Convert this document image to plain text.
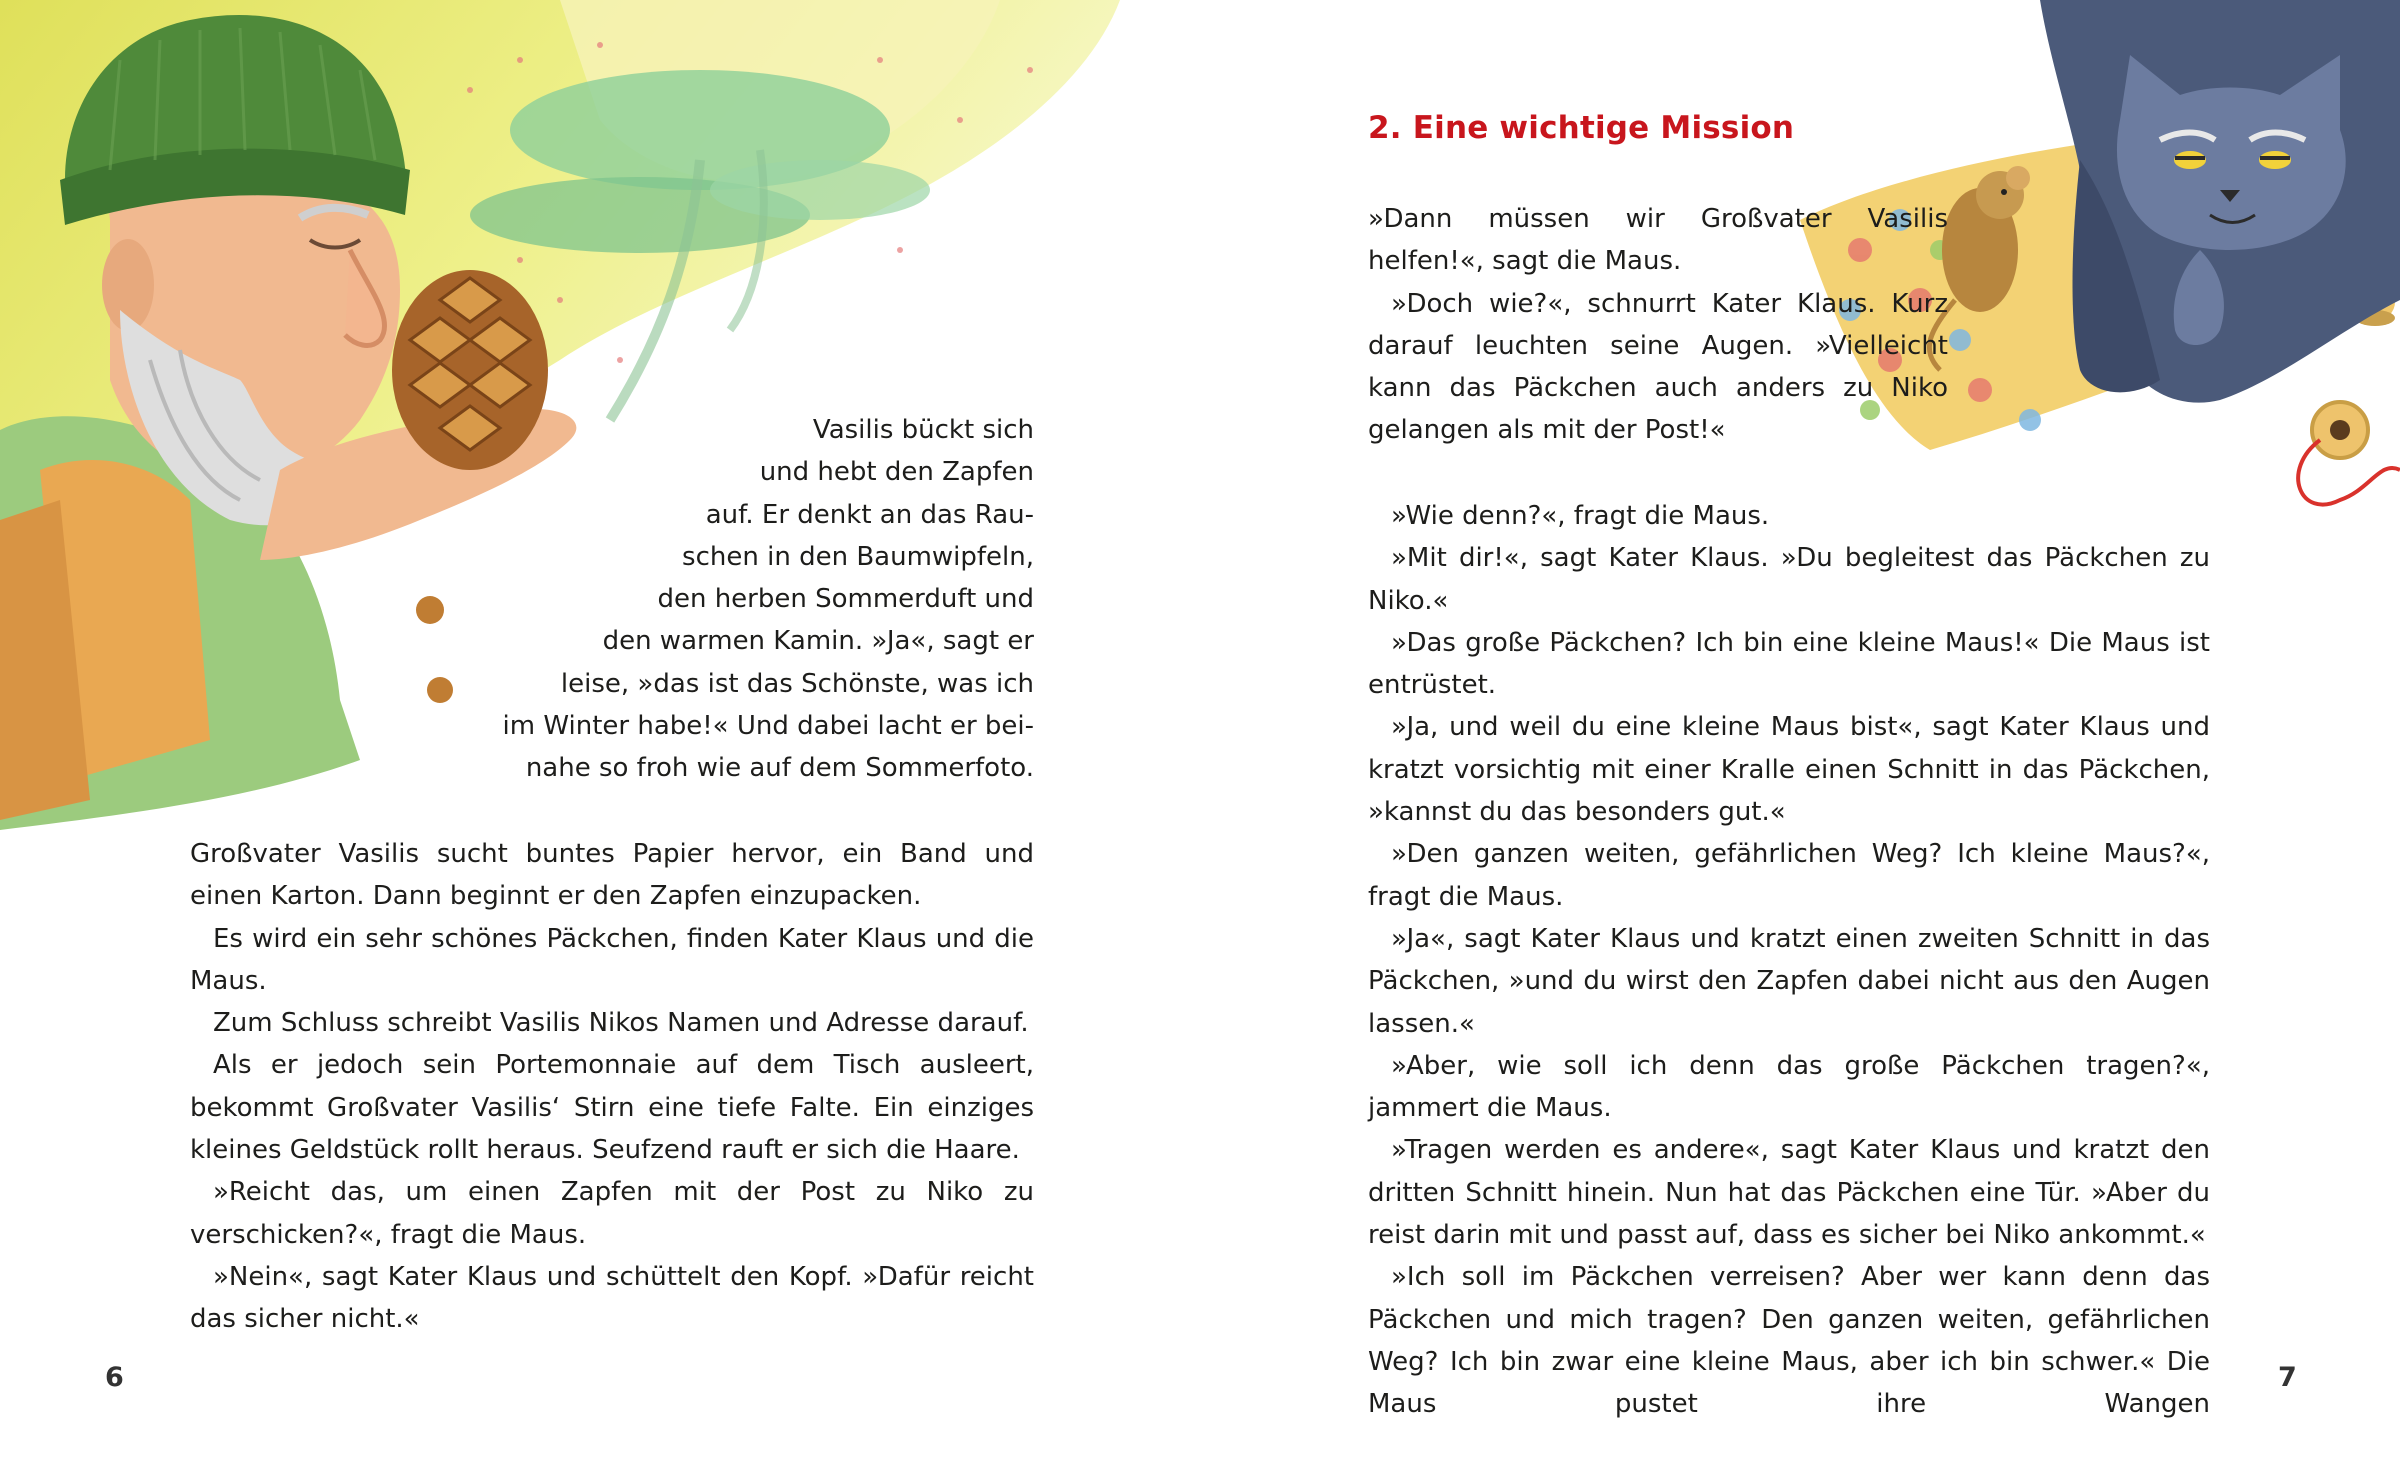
Vasilis bückt sich

und hebt den Zapfen

auf. Er denkt an das Rau-

schen in den Baumwipfeln,

den herben Sommerduft und

den warmen Kamin. »Ja«, sagt er

leise, »das ist das Schönste, was ich

im Winter habe!« Und dabei lacht er bei-

nahe so froh wie auf dem Sommerfoto.

Großvater Vasilis sucht buntes Papier hervor, ein Band und einen Karton. Dann beginnt er den Zapfen einzupacken.

Es wird ein sehr schönes Päckchen, finden Kater Klaus und die Maus.

Zum Schluss schreibt Vasilis Nikos Namen und Adresse darauf.

Als er jedoch sein Portemonnaie auf dem Tisch ausleert, bekommt Großvater Vasilis‘ Stirn eine tiefe Falte. Ein einziges kleines Geldstück rollt heraus. Seufzend rauft er sich die Haare.

»Reicht das, um einen Zapfen mit der Post zu Niko zu verschicken?«, fragt die Maus.

»Nein«, sagt Kater Klaus und schüttelt den Kopf. »Dafür reicht das sicher nicht.«

6
2. Eine wichtige Mission

»Dann müssen wir Großvater Vasilis helfen!«, sagt die Maus.

»Doch wie?«, schnurrt Kater Klaus. Kurz darauf leuchten seine Augen. »Vielleicht kann das Päckchen auch anders zu Niko gelangen als mit der Post!«

»Wie denn?«, fragt die Maus.

»Mit dir!«, sagt Kater Klaus. »Du begleitest das Päckchen zu Niko.«

»Das große Päckchen? Ich bin eine kleine Maus!« Die Maus ist entrüstet.

»Ja, und weil du eine kleine Maus bist«, sagt Kater Klaus und kratzt vorsichtig mit einer Kralle einen Schnitt in das Päckchen, »kannst du das besonders gut.«

»Den ganzen weiten, gefährlichen Weg? Ich kleine Maus?«, fragt die Maus.

»Ja«, sagt Kater Klaus und kratzt einen zweiten Schnitt in das Päckchen, »und du wirst den Zapfen dabei nicht aus den Augen lassen.«

»Aber, wie soll ich denn das große Päckchen tragen?«, jammert die Maus.

»Tragen werden es andere«, sagt Kater Klaus und kratzt den dritten Schnitt hinein. Nun hat das Päckchen eine Tür. »Aber du reist darin mit und passt auf, dass es sicher bei Niko ankommt.«

»Ich soll im Päckchen verreisen? Aber wer kann denn das Päckchen und mich tragen? Den ganzen weiten, gefährlichen Weg? Ich bin zwar eine kleine Maus, aber ich bin schwer.« Die Maus pustet ihre Wangen

7
